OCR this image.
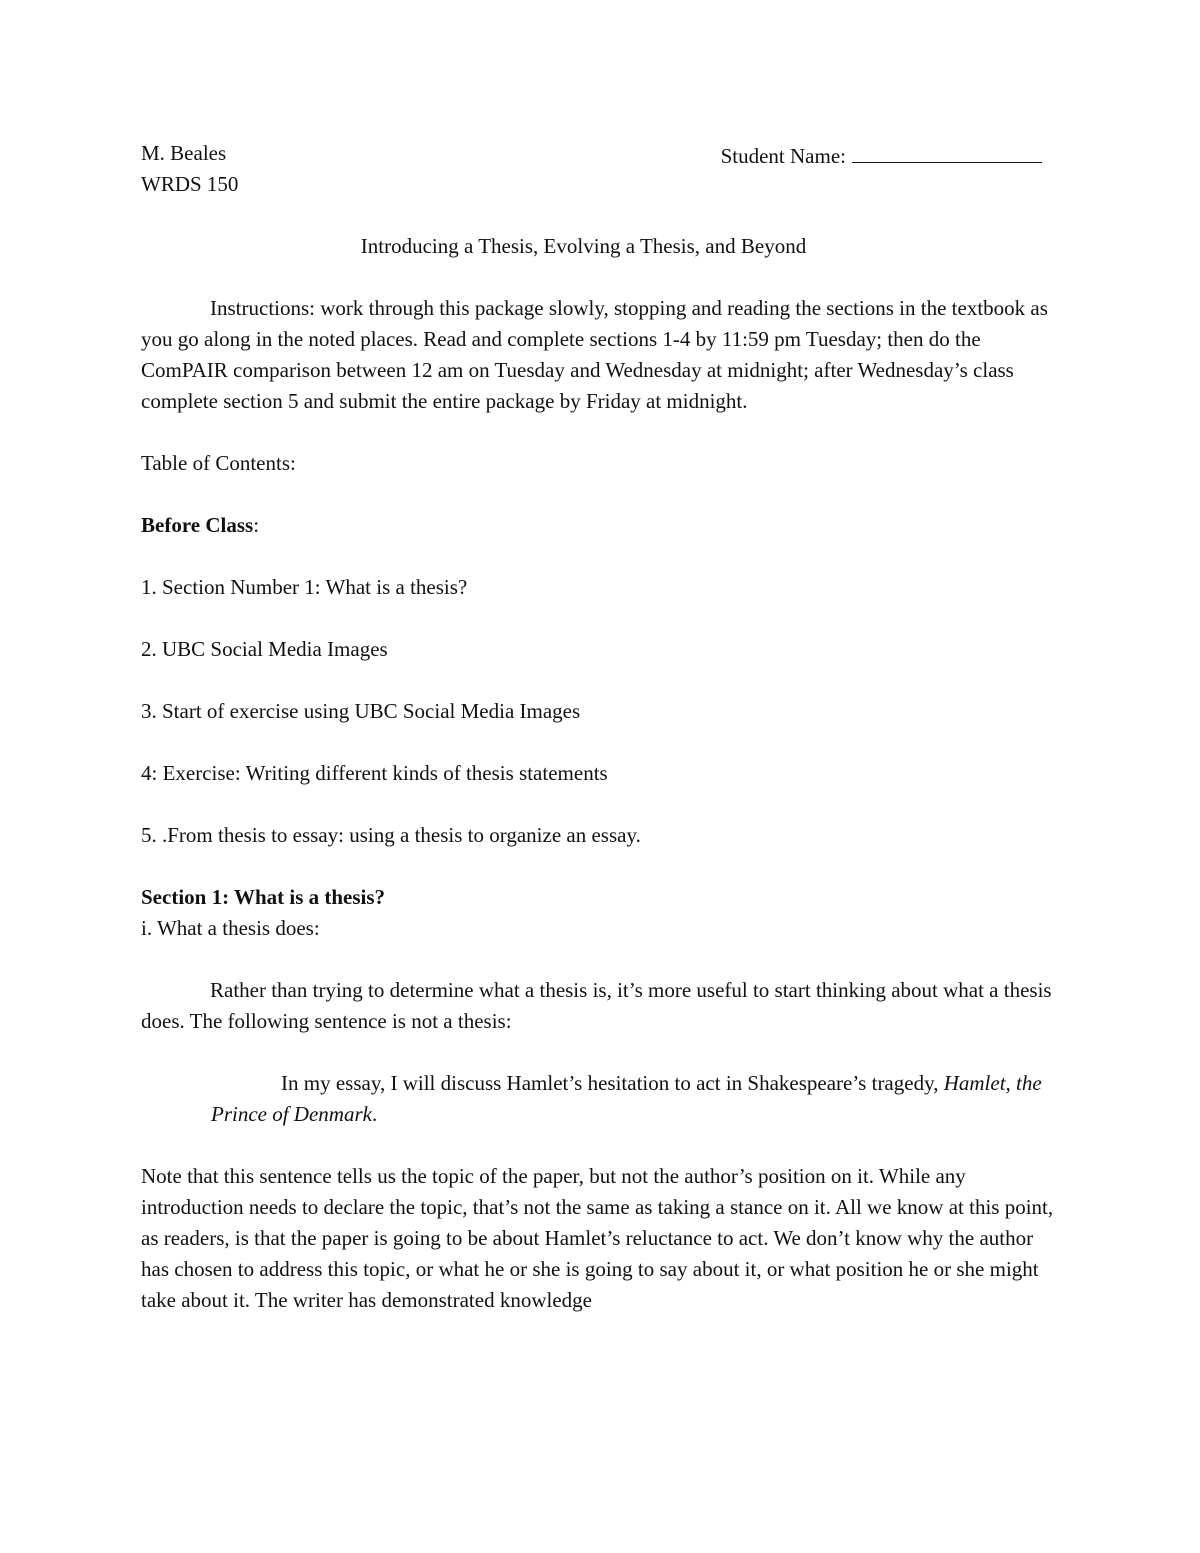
M. Beales	Student Name:

WRDS 150

Introducing a Thesis, Evolving a Thesis, and Beyond

Instructions: work through this package slowly, stopping and reading the sections in the textbook as you go along in the noted places. Read and complete sections 1-4 by 11:59 pm Tuesday; then do the ComPAIR comparison between 12 am on Tuesday and Wednesday at midnight; after Wednesday’s class complete section 5 and submit the entire package by Friday at midnight.

Table of Contents:

Before Class:

1. Section Number 1: What is a thesis?

2. UBC Social Media Images

3. Start of exercise using UBC Social Media Images

4: Exercise: Writing different kinds of thesis statements

5. .From thesis to essay: using a thesis to organize an essay.

Section 1: What is a thesis?

i. What a thesis does:

Rather than trying to determine what a thesis is, it’s more useful to start thinking about what a thesis does. The following sentence is not a thesis:

In my essay, I will discuss Hamlet’s hesitation to act in Shakespeare’s tragedy, Hamlet, the Prince of Denmark.

Note that this sentence tells us the topic of the paper, but not the author’s position on it. While any introduction needs to declare the topic, that’s not the same as taking a stance on it. All we know at this point, as readers, is that the paper is going to be about Hamlet’s reluctance to act. We don’t know why the author has chosen to address this topic, or what he or she is going to say about it, or what position he or she might take about it. The writer has demonstrated knowledge
